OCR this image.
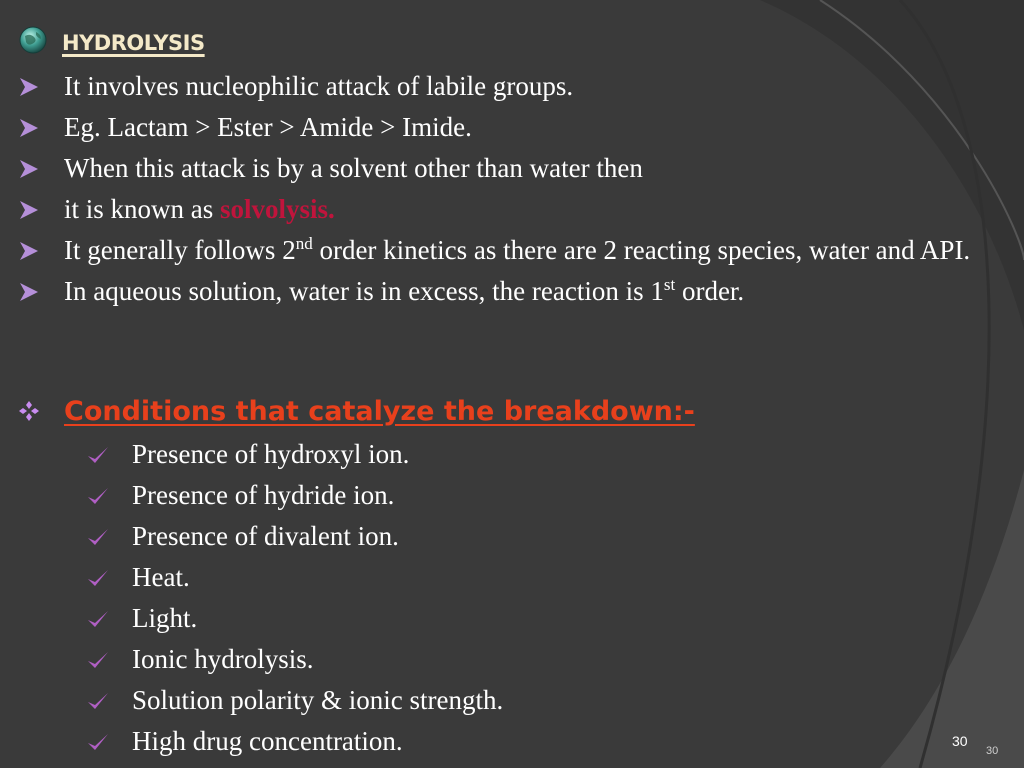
hydrolysis
It involves nucleophilic attack of labile groups.
Eg. Lactam > Ester > Amide > Imide.
When this attack is by a solvent other than water then
it is known as solvolysis.
It generally follows 2nd order kinetics as there are 2 reacting species, water and API.
In aqueous solution, water is in excess, the reaction is 1st order.
Conditions that catalyze the breakdown:-
Presence of hydroxyl ion.
Presence of hydride ion.
Presence of divalent ion.
Heat.
Light.
Ionic hydrolysis.
Solution polarity & ionic strength.
High drug concentration.	30
30
